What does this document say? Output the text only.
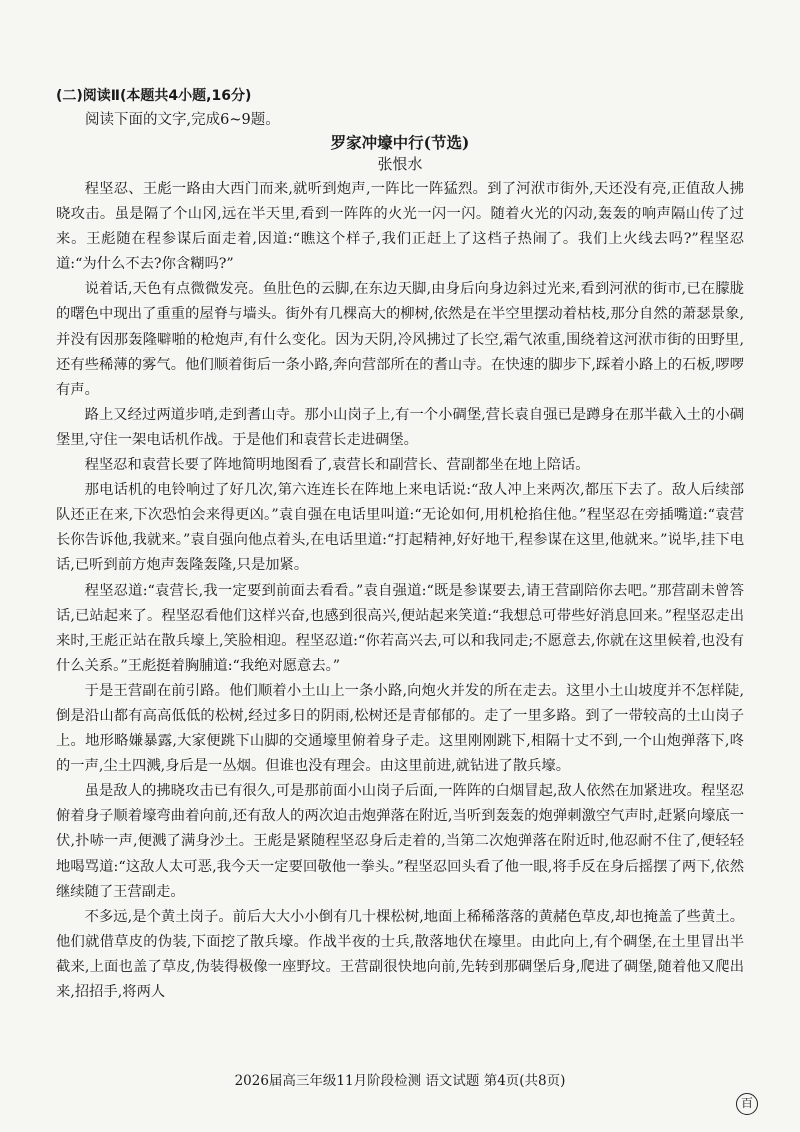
(二)阅读Ⅱ(本题共4小题,16分)

阅读下面的文字,完成6~9题。

罗家冲壕中行(节选)

张恨水

程坚忍、王彪一路由大西门而来,就听到炮声,一阵比一阵猛烈。到了河洑市街外,天还没有亮,正值敌人拂晓攻击。虽是隔了个山冈,远在半天里,看到一阵阵的火光一闪一闪。随着火光的闪动,轰轰的响声隔山传了过来。王彪随在程参谋后面走着,因道:“瞧这个样子,我们正赶上了这档子热闹了。我们上火线去吗?”程坚忍道:“为什么不去?你含糊吗?”

说着话,天色有点微微发亮。鱼肚色的云脚,在东边天脚,由身后向身边斜过光来,看到河洑的街市,已在朦胧的曙色中现出了重重的屋脊与墙头。街外有几棵高大的柳树,依然是在半空里摆动着枯枝,那分自然的萧瑟景象,并没有因那轰隆噼啪的枪炮声,有什么变化。因为天阴,冷风拂过了长空,霜气浓重,围绕着这河洑市街的田野里,还有些稀薄的雾气。他们顺着街后一条小路,奔向营部所在的耆山寺。在快速的脚步下,踩着小路上的石板,啰啰有声。

路上又经过两道步哨,走到耆山寺。那小山岗子上,有一个小碉堡,营长袁自强已是蹲身在那半截入土的小碉堡里,守住一架电话机作战。于是他们和袁营长走进碉堡。

程坚忍和袁营长要了阵地简明地图看了,袁营长和副营长、营副都坐在地上陪话。

那电话机的电铃响过了好几次,第六连连长在阵地上来电话说:“敌人冲上来两次,都压下去了。敌人后续部队还正在来,下次恐怕会来得更凶。”袁自强在电话里叫道:“无论如何,用机枪掐住他。”程坚忍在旁插嘴道:“袁营长你告诉他,我就来。”袁自强向他点着头,在电话里道:“打起精神,好好地干,程参谋在这里,他就来。”说毕,挂下电话,已听到前方炮声轰隆轰隆,只是加紧。

程坚忍道:“袁营长,我一定要到前面去看看。”袁自强道:“既是参谋要去,请王营副陪你去吧。”那营副未曾答话,已站起来了。程坚忍看他们这样兴奋,也感到很高兴,便站起来笑道:“我想总可带些好消息回来。”程坚忍走出来时,王彪正站在散兵壕上,笑脸相迎。程坚忍道:“你若高兴去,可以和我同走;不愿意去,你就在这里候着,也没有什么关系。”王彪挺着胸脯道:“我绝对愿意去。”

于是王营副在前引路。他们顺着小土山上一条小路,向炮火并发的所在走去。这里小土山坡度并不怎样陡,倒是沿山都有高高低低的松树,经过多日的阴雨,松树还是青郁郁的。走了一里多路。到了一带较高的土山岗子上。地形略嫌暴露,大家便跳下山脚的交通壕里俯着身子走。这里刚刚跳下,相隔十丈不到,一个山炮弹落下,咚的一声,尘土四溅,身后是一丛烟。但谁也没有理会。由这里前进,就钻进了散兵壕。

虽是敌人的拂晓攻击已有很久,可是那前面小山岗子后面,一阵阵的白烟冒起,敌人依然在加紧进攻。程坚忍俯着身子顺着壕弯曲着向前,还有敌人的两次迫击炮弹落在附近,当听到轰轰的炮弹刺激空气声时,赶紧向壕底一伏,扑哧一声,便溅了满身沙土。王彪是紧随程坚忍身后走着的,当第二次炮弹落在附近时,他忍耐不住了,便轻轻地喝骂道:“这敌人太可恶,我今天一定要回敬他一拳头。”程坚忍回头看了他一眼,将手反在身后摇摆了两下,依然继续随了王营副走。

不多远,是个黄土岗子。前后大大小小倒有几十棵松树,地面上稀稀落落的黄赭色草皮,却也掩盖了些黄土。他们就借草皮的伪装,下面挖了散兵壕。作战半夜的士兵,散落地伏在壕里。由此向上,有个碉堡,在土里冒出半截来,上面也盖了草皮,伪装得极像一座野坟。王营副很快地向前,先转到那碉堡后身,爬进了碉堡,随着他又爬出来,招招手,将两人

2026届高三年级11月阶段检测 语文试题 第4页(共8页)
百
